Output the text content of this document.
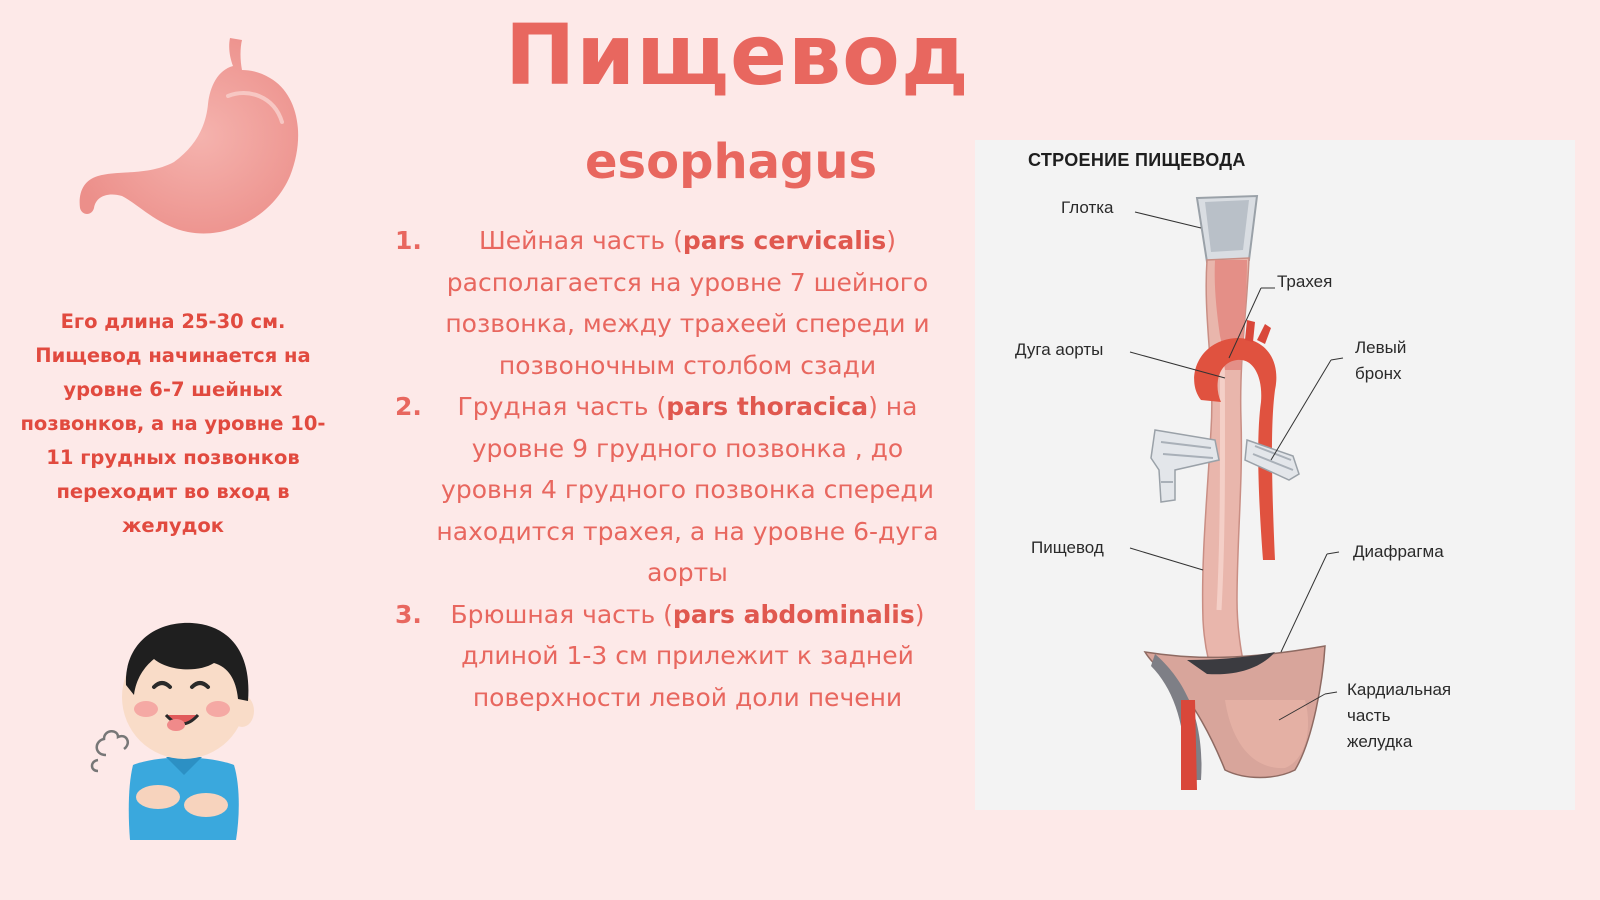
Пищевод
esophagus
Его длина 25-30 см. Пищевод начинается на уровне 6-7 шейных позвонков, а на уровне 10-11 грудных позвонков переходит во вход в желудок
1.	Шейная часть (pars cervicalis) располагается на уровне 7 шейного позвонка, между трахеей спереди и позвоночным столбом сзади
2.	Грудная часть (pars thoracica) на уровне 9 грудного позвонка , до уровня 4 грудного позвонка спереди находится трахея, а на уровне 6-дуга аорты
3.	Брюшная часть (pars abdominalis) длиной 1-3 см прилежит к задней поверхности левой доли печени
СТРОЕНИЕ ПИЩЕВОДА
Глотка
Трахея
Дуга аорты	Левый
бронх
Пищевод	Диафрагма
Кардиальная
часть
желудка
